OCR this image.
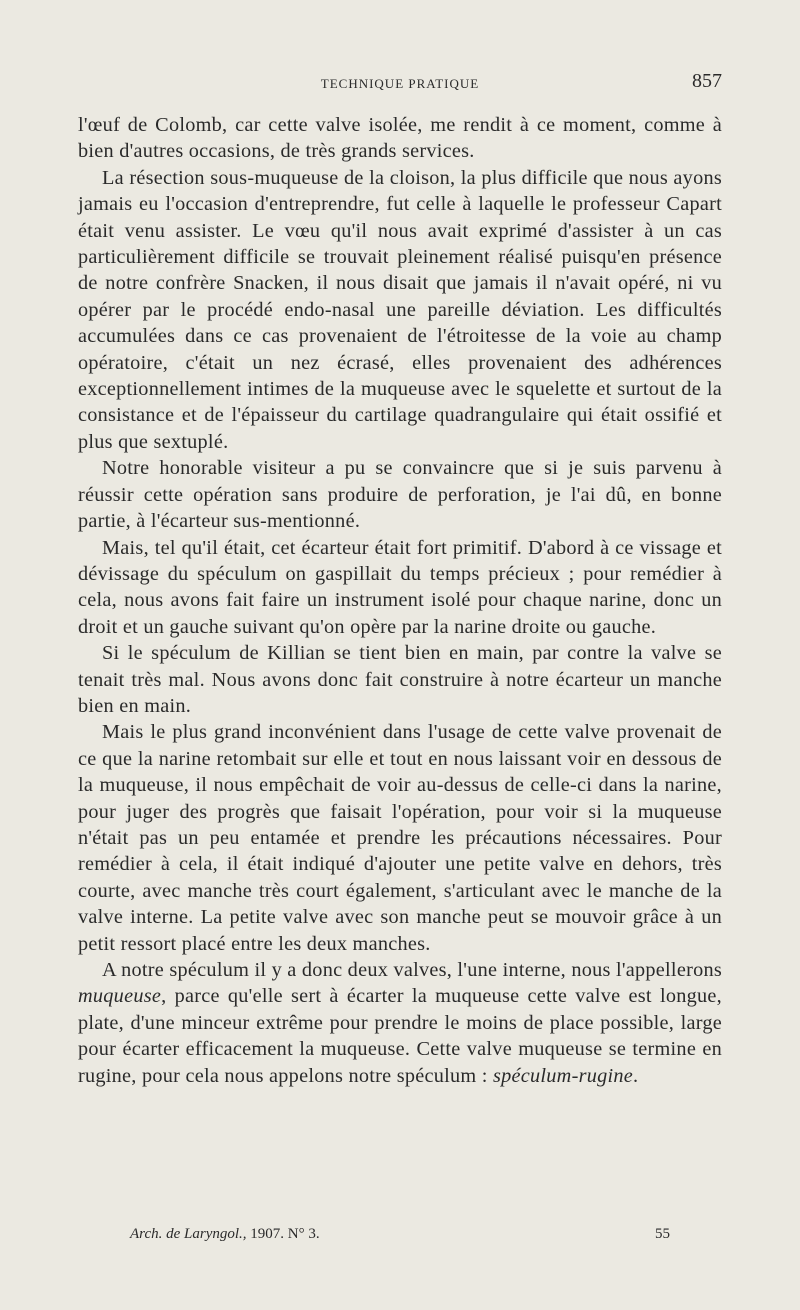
TECHNIQUE PRATIQUE	857

l'œuf de Colomb, car cette valve isolée, me rendit à ce moment, comme à bien d'autres occasions, de très grands services.

La résection sous-muqueuse de la cloison, la plus difficile que nous ayons jamais eu l'occasion d'entreprendre, fut celle à laquelle le professeur Capart était venu assister. Le vœu qu'il nous avait exprimé d'assister à un cas particulièrement difficile se trouvait pleinement réalisé puisqu'en présence de notre confrère Snacken, il nous disait que jamais il n'avait opéré, ni vu opérer par le procédé endo-nasal une pareille déviation. Les difficultés accumulées dans ce cas provenaient de l'étroitesse de la voie au champ opératoire, c'était un nez écrasé, elles provenaient des adhérences exceptionnellement intimes de la muqueuse avec le squelette et surtout de la consistance et de l'épaisseur du cartilage quadrangulaire qui était ossifié et plus que sextuplé.

Notre honorable visiteur a pu se convaincre que si je suis parvenu à réussir cette opération sans produire de perforation, je l'ai dû, en bonne partie, à l'écarteur sus-mentionné.

Mais, tel qu'il était, cet écarteur était fort primitif. D'abord à ce vissage et dévissage du spéculum on gaspillait du temps précieux ; pour remédier à cela, nous avons fait faire un instrument isolé pour chaque narine, donc un droit et un gauche suivant qu'on opère par la narine droite ou gauche.

Si le spéculum de Killian se tient bien en main, par contre la valve se tenait très mal. Nous avons donc fait construire à notre écarteur un manche bien en main.

Mais le plus grand inconvénient dans l'usage de cette valve provenait de ce que la narine retombait sur elle et tout en nous laissant voir en dessous de la muqueuse, il nous empêchait de voir au-dessus de celle-ci dans la narine, pour juger des progrès que faisait l'opération, pour voir si la muqueuse n'était pas un peu entamée et prendre les précautions nécessaires. Pour remédier à cela, il était indiqué d'ajouter une petite valve en dehors, très courte, avec manche très court également, s'articulant avec le manche de la valve interne. La petite valve avec son manche peut se mouvoir grâce à un petit ressort placé entre les deux manches.

A notre spéculum il y a donc deux valves, l'une interne, nous l'appellerons muqueuse, parce qu'elle sert à écarter la muqueuse cette valve est longue, plate, d'une minceur extrême pour prendre le moins de place possible, large pour écarter efficacement la muqueuse. Cette valve muqueuse se termine en rugine, pour cela nous appelons notre spéculum : spéculum-rugine.

Arch. de Laryngol., 1907. N° 3.	55
